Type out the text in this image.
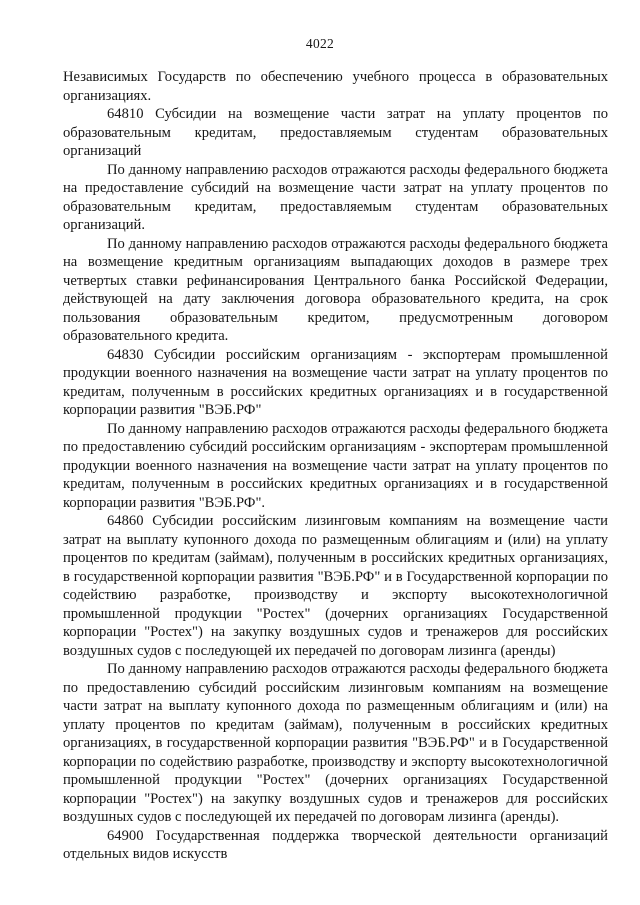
4022

Независимых Государств по обеспечению учебного процесса в образовательных организациях.

64810 Субсидии на возмещение части затрат на уплату процентов по образовательным кредитам, предоставляемым студентам образовательных организаций

По данному направлению расходов отражаются расходы федерального бюджета на предоставление субсидий на возмещение части затрат на уплату процентов по образовательным кредитам, предоставляемым студентам образовательных организаций.

По данному направлению расходов отражаются расходы федерального бюджета на возмещение кредитным организациям выпадающих доходов в размере трех четвертых ставки рефинансирования Центрального банка Российской Федерации, действующей на дату заключения договора образовательного кредита, на срок пользования образовательным кредитом, предусмотренным договором образовательного кредита.

64830 Субсидии российским организациям - экспортерам промышленной продукции военного назначения на возмещение части затрат на уплату процентов по кредитам, полученным в российских кредитных организациях и в государственной корпорации развития "ВЭБ.РФ"

По данному направлению расходов отражаются расходы федерального бюджета по предоставлению субсидий российским организациям - экспортерам промышленной продукции военного назначения на возмещение части затрат на уплату процентов по кредитам, полученным в российских кредитных организациях и в государственной корпорации развития "ВЭБ.РФ".

64860 Субсидии российским лизинговым компаниям на возмещение части затрат на выплату купонного дохода по размещенным облигациям и (или) на уплату процентов по кредитам (займам), полученным в российских кредитных организациях, в государственной корпорации развития "ВЭБ.РФ" и в Государственной корпорации по содействию разработке, производству и экспорту высокотехнологичной промышленной продукции "Ростех" (дочерних организациях Государственной корпорации "Ростех") на закупку воздушных судов и тренажеров для российских воздушных судов с последующей их передачей по договорам лизинга (аренды)

По данному направлению расходов отражаются расходы федерального бюджета по предоставлению субсидий российским лизинговым компаниям на возмещение части затрат на выплату купонного дохода по размещенным облигациям и (или) на уплату процентов по кредитам (займам), полученным в российских кредитных организациях, в государственной корпорации развития "ВЭБ.РФ" и в Государственной корпорации по содействию разработке, производству и экспорту высокотехнологичной промышленной продукции "Ростех" (дочерних организациях Государственной корпорации "Ростех") на закупку воздушных судов и тренажеров для российских воздушных судов с последующей их передачей по договорам лизинга (аренды).

64900 Государственная поддержка творческой деятельности организаций отдельных видов искусств
